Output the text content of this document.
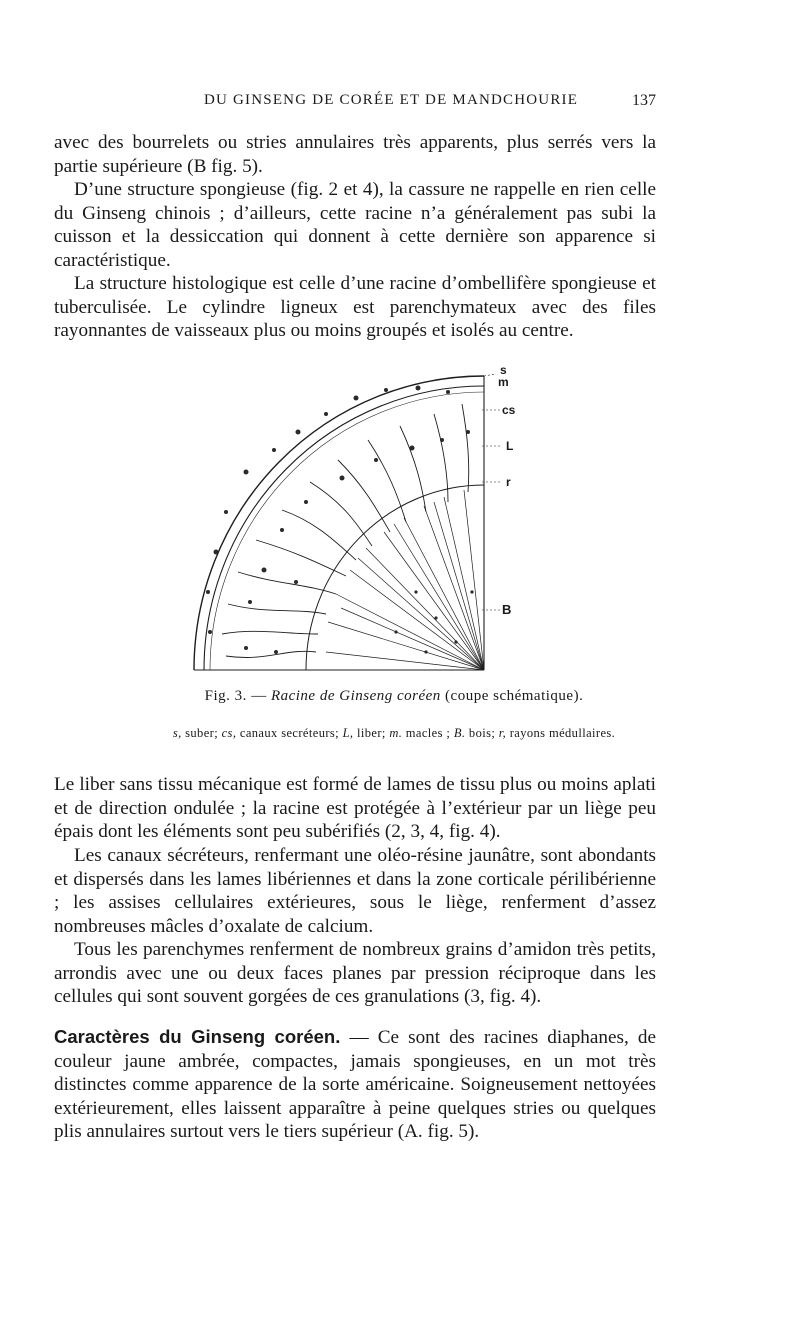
DU GINSENG DE CORÉE ET DE MANDCHOURIE	137

avec des bourrelets ou stries annulaires très apparents, plus serrés vers la partie supérieure (B fig. 5).

D’une structure spongieuse (fig. 2 et 4), la cassure ne rappelle en rien celle du Ginseng chinois ; d’ailleurs, cette racine n’a généralement pas subi la cuisson et la dessiccation qui donnent à cette dernière son apparence si caractéristique.

La structure histologique est celle d’une racine d’ombellifère spongieuse et tuberculisée. Le cylindre ligneux est parenchymateux avec des files rayonnantes de vaisseaux plus ou moins groupés et isolés au centre.

s
m
cs
L
r
B

Fig. 3. — Racine de Ginseng coréen (coupe schématique).

s, suber; cs, canaux secréteurs; L, liber; m. macles ; B. bois; r, rayons médullaires.

Le liber sans tissu mécanique est formé de lames de tissu plus ou moins aplati et de direction ondulée ; la racine est protégée à l’extérieur par un liège peu épais dont les éléments sont peu subérifiés (2, 3, 4, fig. 4).

Les canaux sécréteurs, renfermant une oléo-résine jaunâtre, sont abondants et dispersés dans les lames libériennes et dans la zone corticale périlibérienne ; les assises cellulaires extérieures, sous le liège, renferment d’assez nombreuses mâcles d’oxalate de calcium.

Tous les parenchymes renferment de nombreux grains d’amidon très petits, arrondis avec une ou deux faces planes par pression réciproque dans les cellules qui sont souvent gorgées de ces granulations (3, fig. 4).

Caractères du Ginseng coréen. — Ce sont des racines diaphanes, de couleur jaune ambrée, compactes, jamais spongieuses, en un mot très distinctes comme apparence de la sorte américaine. Soigneusement nettoyées extérieurement, elles laissent apparaître à peine quelques stries ou quelques plis annulaires surtout vers le tiers supérieur (A. fig. 5).
